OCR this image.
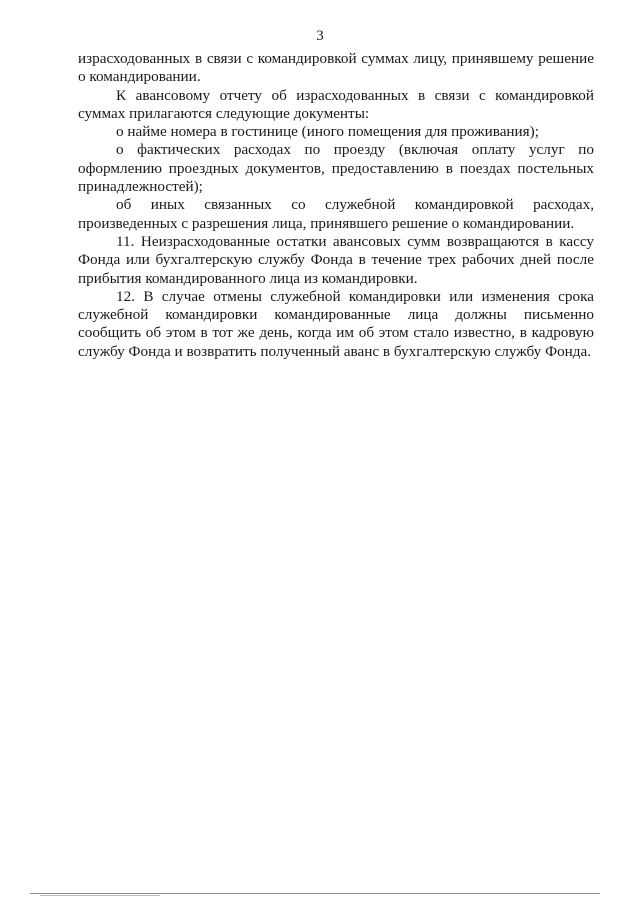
3

израсходованных в связи с командировкой суммах лицу, принявшему решение о командировании.

К авансовому отчету об израсходованных в связи с командировкой суммах прилагаются следующие документы:

о найме номера в гостинице (иного помещения для проживания);

о фактических расходах по проезду (включая оплату услуг по оформлению проездных документов, предоставлению в поездах постельных принадлежностей);

об иных связанных со служебной командировкой расходах, произведенных с разрешения лица, принявшего решение о командировании.

11. Неизрасходованные остатки авансовых сумм возвращаются в кассу Фонда или бухгалтерскую службу Фонда в течение трех рабочих дней после прибытия командированного лица из командировки.

12. В случае отмены служебной командировки или изменения срока служебной командировки командированные лица должны письменно сообщить об этом в тот же день, когда им об этом стало известно, в кадровую службу Фонда и возвратить полученный аванс в бухгалтерскую службу Фонда.
